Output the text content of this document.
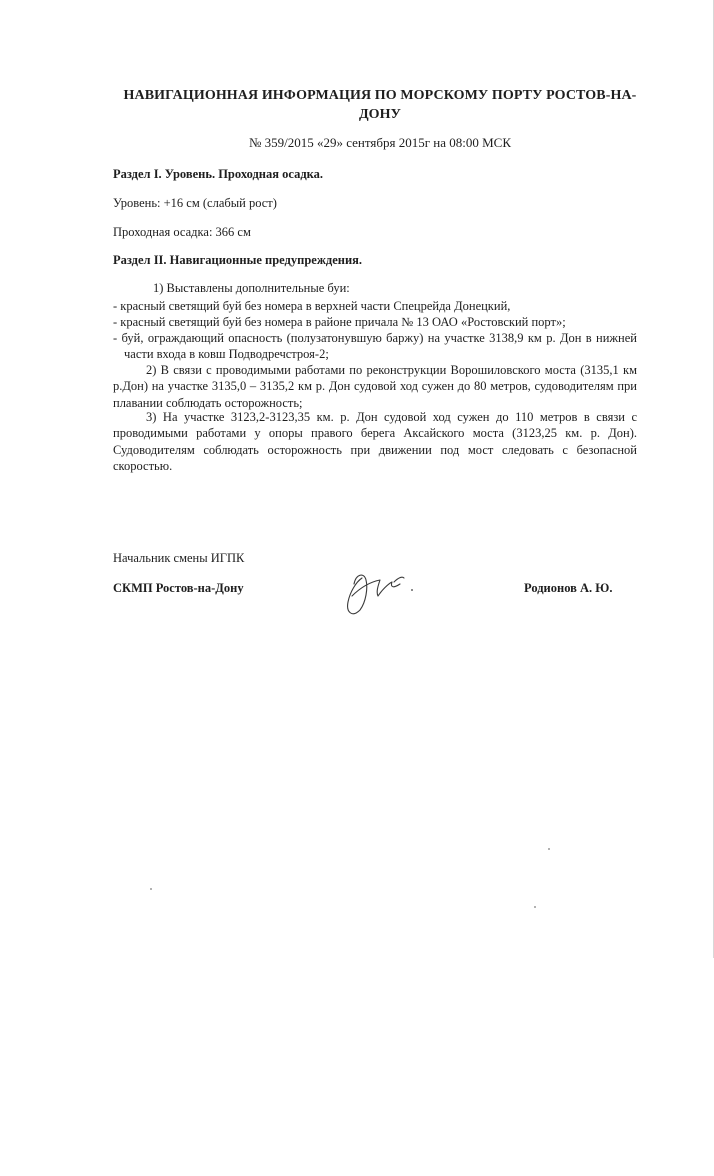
НАВИГАЦИОННАЯ ИНФОРМАЦИЯ ПО МОРСКОМУ ПОРТУ РОСТОВ-НА-ДОНУ
№ 359/2015 «29» сентября 2015г на 08:00 МСК
Раздел I. Уровень. Проходная осадка.
Уровень: +16 см (слабый рост)
Проходная осадка: 366 см
Раздел II. Навигационные предупреждения.
1) Выставлены дополнительные буи:
- красный светящий буй без номера в верхней части Спецрейда Донецкий,
- красный светящий буй без номера в районе причала № 13 ОАО «Ростовский порт»;
- буй, ограждающий опасность (полузатонувшую баржу) на участке 3138,9 км р. Дон в нижней части входа в ковш Подводречстроя-2;
2) В связи с проводимыми работами по реконструкции Ворошиловского моста (3135,1 км р.Дон) на участке 3135,0 – 3135,2 км р. Дон судовой ход сужен до 80 метров, судоводителям при плавании соблюдать осторожность;
3) На участке 3123,2-3123,35 км. р. Дон судовой ход сужен до 110 метров в связи с проводимыми работами у опоры правого берега Аксайского моста (3123,25 км. р. Дон). Судоводителям соблюдать осторожность при движении под мост следовать с безопасной скоростью.
Начальник смены ИГПК
СКМП Ростов-на-Дону	Родионов А. Ю.
